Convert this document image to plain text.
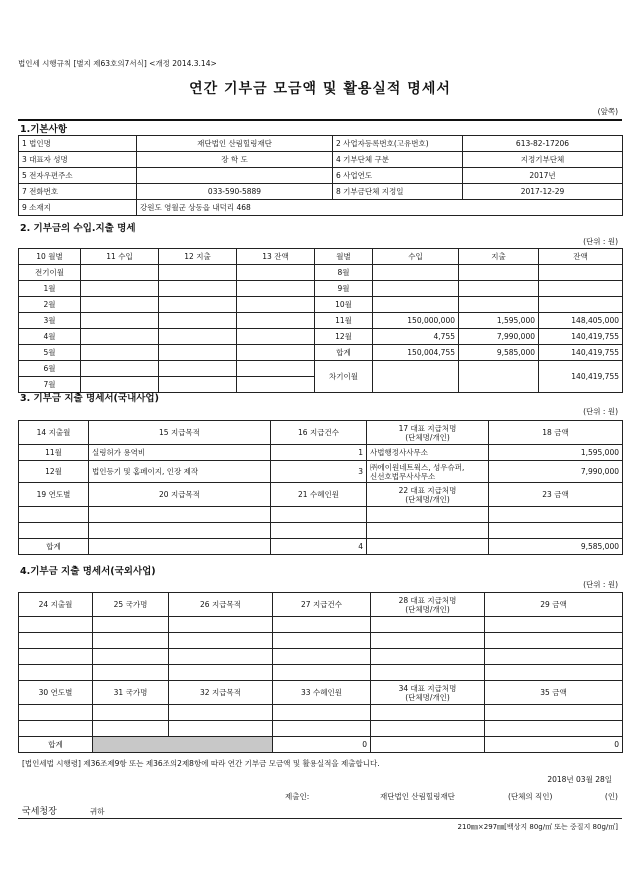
법인세 시행규칙 [별지 제63호의7서식] <개정 2014.3.14>
연간 기부금 모금액 및 활용실적 명세서
(앞쪽)
1.기본사항
1 법인명	재단법인 산림힐링재단	2 사업자등록번호(고유번호)	613-82-17206
3 대표자 성명	장 학 도	4 기부단체 구분	지정기부단체
5 전자우편주소		6 사업연도	2017년
7 전화번호	033-590-5889	8 기부금단체 지정일	2017-12-29
9 소재지	강원도 영월군 상동읍 내덕리 468		
2. 기부금의 수입.지출 명세
(단위 : 원)
10 월별	11 수입	12 지출	13 잔액	월별	수입	지출	잔액
전기이월				8월			
1월				9월			
2월				10월			
3월				11월	150,000,000	1,595,000	148,405,000
4월				12월	4,755	7,990,000	140,419,755
5월				합계	150,004,755	9,585,000	140,419,755
6월				차기이월			140,419,755
7월							
3. 기부금 지출 명세서(국내사업)
(단위 : 원)
14 지출월	15 지급목적	16 지급건수	17 대표 지급처명
(단체명/개인)	18 금액
11월	실링허가 용역비	1	사법행정사사무소	1,595,000
12월	법인등기 및 홈페이지, 인장 제작	3	㈜에이원네트웍스, 성우슈퍼,
신선호법무사사무소	7,990,000
19 연도별	20 지급목적	21 수혜인원	22 대표 지급처명
(단체명/개인)	23 금액

합계		4		9,585,000
4.기부금 지출 명세서(국외사업)
(단위 : 원)
24 지출월	25 국가명	26 지급목적	27 지급건수	28 대표 지급처명
(단체명/개인)	29 금액

30 연도별	31 국가명	32 지급목적	33 수혜인원	34 대표 지급처명
(단체명/개인)	35 금액

합계			0		0
[법인세법 시행령] 제36조제9항 또는 제36조의2제8항에 따라 연간 기부금 모금액 및 활용실적을 제출합니다.
2018년 03월 28일
제출인:	재단법인 산림힐링재단	(단체의 직인)	(인)
국세청장	귀하
210㎜×297㎜[백상지 80g/㎡ 또는 중질지 80g/㎡]
